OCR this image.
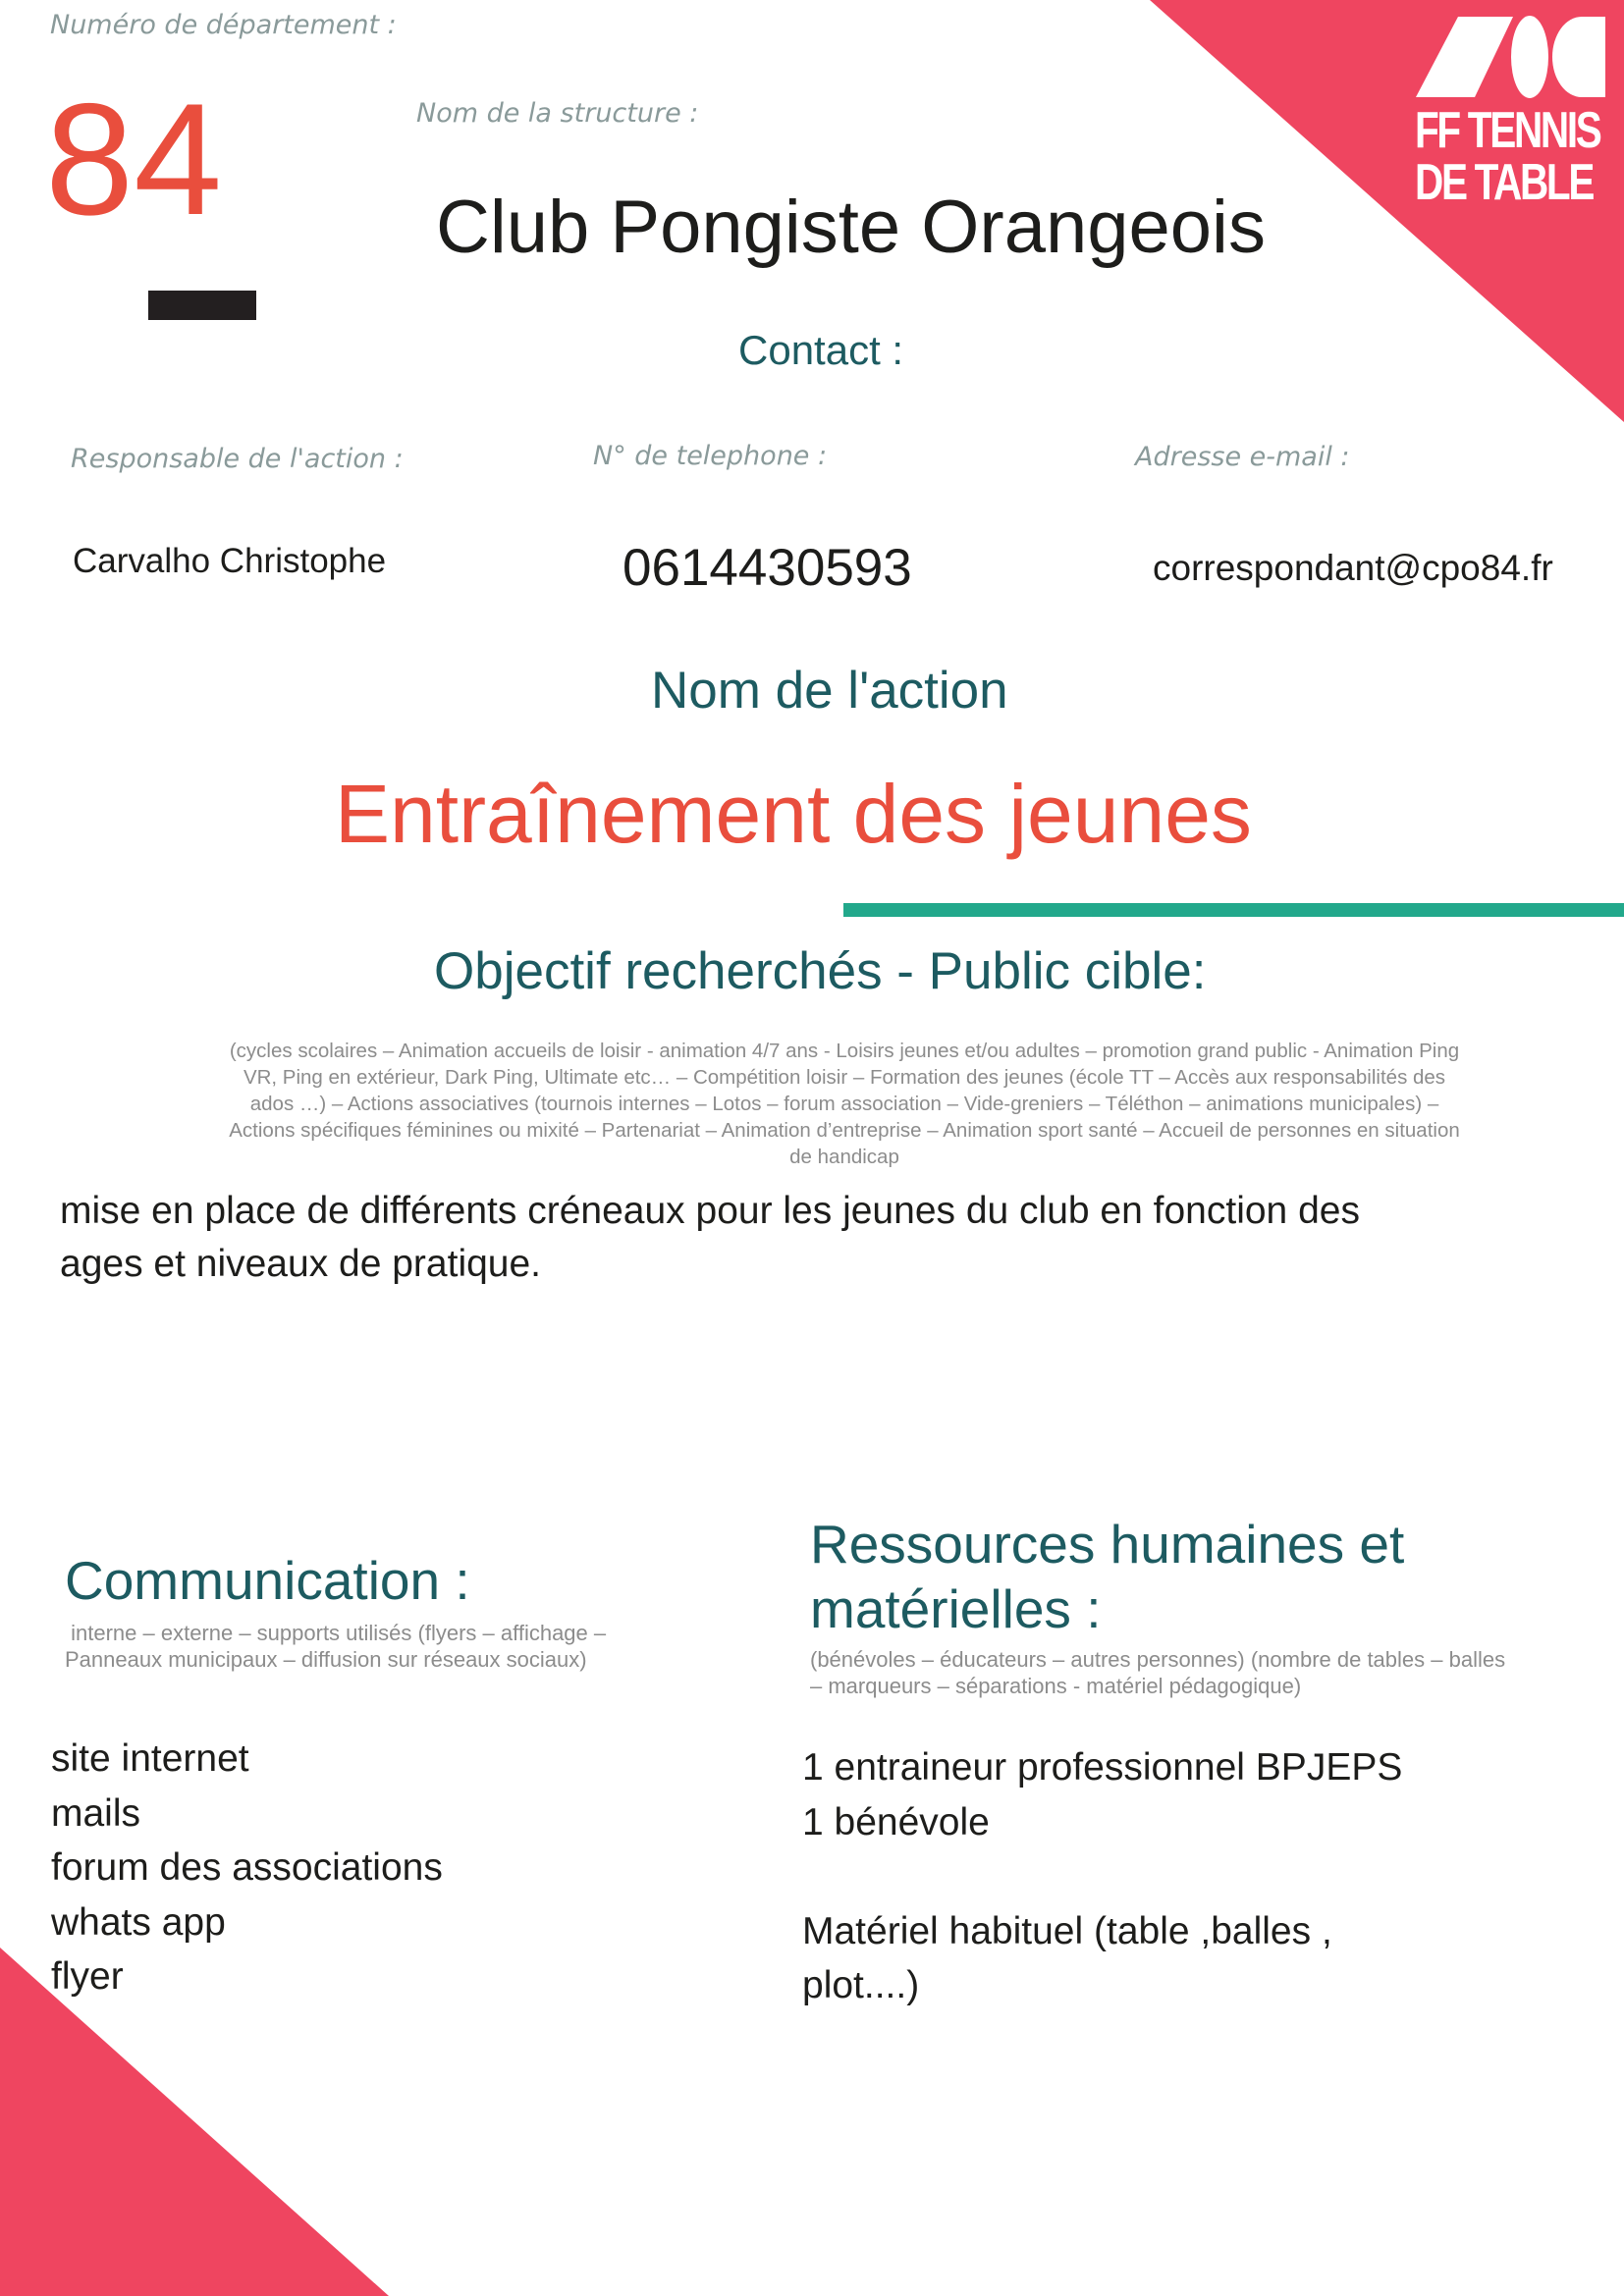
FF TENNIS
DE TABLE
Numéro de département :
84	Nom de la structure :
Club Pongiste Orangeois
Contact :
Responsable de l'action :	N° de telephone :	Adresse e-mail :
Carvalho Christophe	0614430593	correspondant@cpo84.fr
Nom de l'action
Entraînement des jeunes
Objectif recherchés - Public cible:
(cycles scolaires – Animation accueils de loisir - animation 4/7 ans - Loisirs jeunes et/ou adultes – promotion grand public - Animation Ping
VR, Ping en extérieur, Dark Ping, Ultimate etc… – Compétition loisir – Formation des jeunes (école TT – Accès aux responsabilités des
ados …) – Actions associatives (tournois internes – Lotos – forum association – Vide-greniers – Téléthon – animations municipales) –
Actions spécifiques féminines ou mixité – Partenariat – Animation d’entreprise – Animation sport santé – Accueil de personnes en situation
de handicap
mise en place de différents créneaux pour les jeunes du club en fonction des
ages et niveaux de pratique.
Communication :
interne – externe – supports utilisés (flyers – affichage –
Panneaux municipaux – diffusion sur réseaux sociaux)
site internet
mails
forum des associations
whats app
flyer
Ressources humaines et
matérielles :
(bénévoles – éducateurs – autres personnes) (nombre de tables – balles
– marqueurs – séparations - matériel pédagogique)
1 entraineur professionnel BPJEPS
1 bénévole
Matériel habituel (table ,balles ,
plot....)
